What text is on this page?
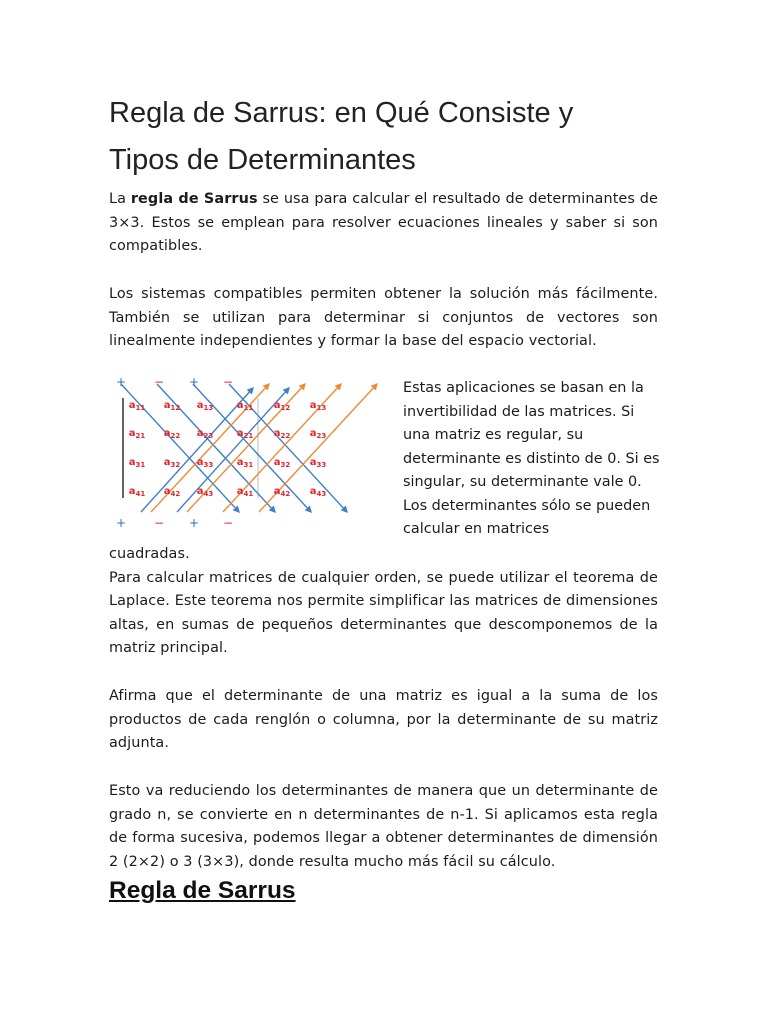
Regla de Sarrus: en Qué Consiste y
Tipos de Determinantes

La regla de Sarrus se usa para calcular el resultado de determinantes de 3×3. Estos se emplean para resolver ecuaciones lineales y saber si son compatibles.

Los sistemas compatibles permiten obtener la solución más fácilmente. También se utilizan para determinar si conjuntos de vectores son linealmente independientes y formar la base del espacio vectorial.

$a_{11}$ $a_{12}$ $a_{13}$ $a_{11}$ $a_{12}$ $a_{13}$
$a_{21}$ $a_{22}$ $a_{23}$ $a_{21}$ $a_{22}$ $a_{23}$
$a_{31}$ $a_{32}$ $a_{33}$ $a_{31}$ $a_{32}$ $a_{33}$
$a_{41}$ $a_{42}$ $a_{43}$ $a_{41}$ $a_{42}$ $a_{43}$
+ − + −
+ − + −

Estas aplicaciones se basan en la invertibilidad de las matrices. Si una matriz es regular, su determinante es distinto de 0. Si es singular, su determinante vale 0. Los determinantes sólo se pueden calcular en matrices

cuadradas.
Para calcular matrices de cualquier orden, se puede utilizar el teorema de Laplace. Este teorema nos permite simplificar las matrices de dimensiones altas, en sumas de pequeños determinantes que descomponemos de la matriz principal.

Afirma que el determinante de una matriz es igual a la suma de los productos de cada renglón o columna, por la determinante de su matriz adjunta.

Esto va reduciendo los determinantes de manera que un determinante de grado n, se convierte en n determinantes de n-1. Si aplicamos esta regla de forma sucesiva, podemos llegar a obtener determinantes de dimensión 2 (2×2) o 3 (3×3), donde resulta mucho más fácil su cálculo.

Regla de Sarrus
